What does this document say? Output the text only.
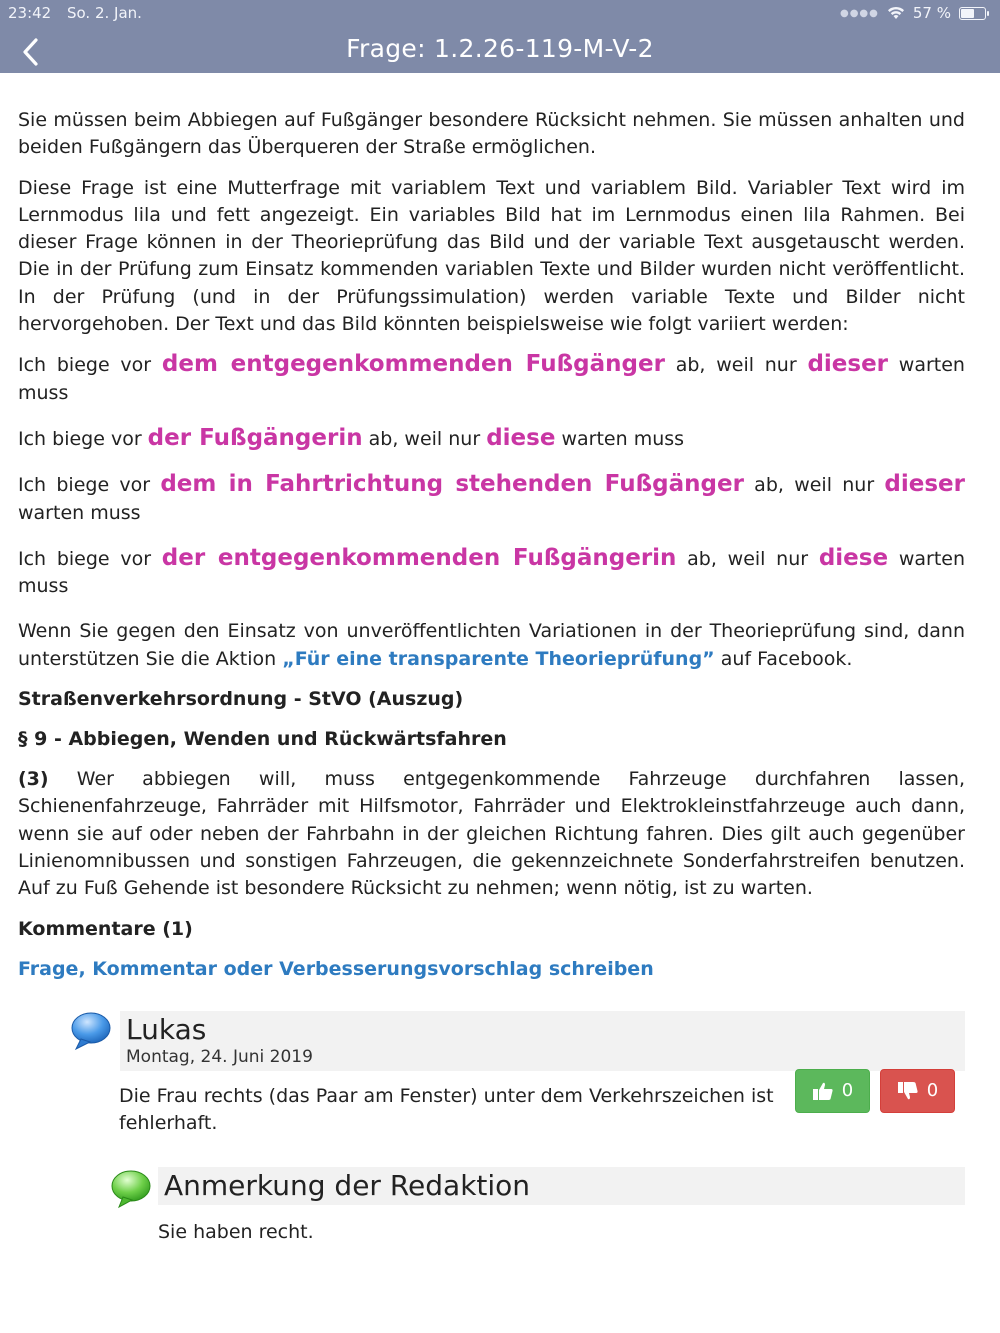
23:42 So. 2. Jan.	●●●● 57 %
Frage: 1.2.26-119-M-V-2

Sie müssen beim Abbiegen auf Fußgänger besondere Rücksicht nehmen. Sie müssen anhalten und beiden Fußgängern das Überqueren der Straße ermöglichen.

Diese Frage ist eine Mutterfrage mit variablem Text und variablem Bild. Variabler Text wird im Lernmodus lila und fett angezeigt. Ein variables Bild hat im Lernmodus einen lila Rahmen. Bei dieser Frage können in der Theorieprüfung das Bild und der variable Text ausgetauscht werden. Die in der Prüfung zum Einsatz kommenden variablen Texte und Bilder wurden nicht veröffentlicht. In der Prüfung (und in der Prüfungssimulation) werden variable Texte und Bilder nicht hervorgehoben. Der Text und das Bild könnten beispielsweise wie folgt variiert werden:

Ich biege vor dem entgegenkommenden Fußgänger ab, weil nur dieser warten muss

Ich biege vor der Fußgängerin ab, weil nur diese warten muss

Ich biege vor dem in Fahrtrichtung stehenden Fußgänger ab, weil nur dieser warten muss

Ich biege vor der entgegenkommenden Fußgängerin ab, weil nur diese warten muss

Wenn Sie gegen den Einsatz von unveröffentlichten Variationen in der Theorieprüfung sind, dann unterstützen Sie die Aktion „Für eine transparente Theorieprüfung” auf Facebook.

Straßenverkehrsordnung - StVO (Auszug)
§ 9 - Abbiegen, Wenden und Rückwärtsfahren

(3) Wer abbiegen will, muss entgegenkommende Fahrzeuge durchfahren lassen, Schienenfahrzeuge, Fahrräder mit Hilfsmotor, Fahrräder und Elektrokleinstfahrzeuge auch dann, wenn sie auf oder neben der Fahrbahn in der gleichen Richtung fahren. Dies gilt auch gegenüber Linienomnibussen und sonstigen Fahrzeugen, die gekennzeichnete Sonderfahrstreifen benutzen. Auf zu Fuß Gehende ist besondere Rücksicht zu nehmen; wenn nötig, ist zu warten.

Kommentare (1)
Frage, Kommentar oder Verbesserungsvorschlag schreiben
Lukas
Montag, 24. Juni 2019
Die Frau rechts (das Paar am Fenster) unter dem Verkehrszeichen ist fehlerhaft.
0	0
Anmerkung der Redaktion
Sie haben recht.
